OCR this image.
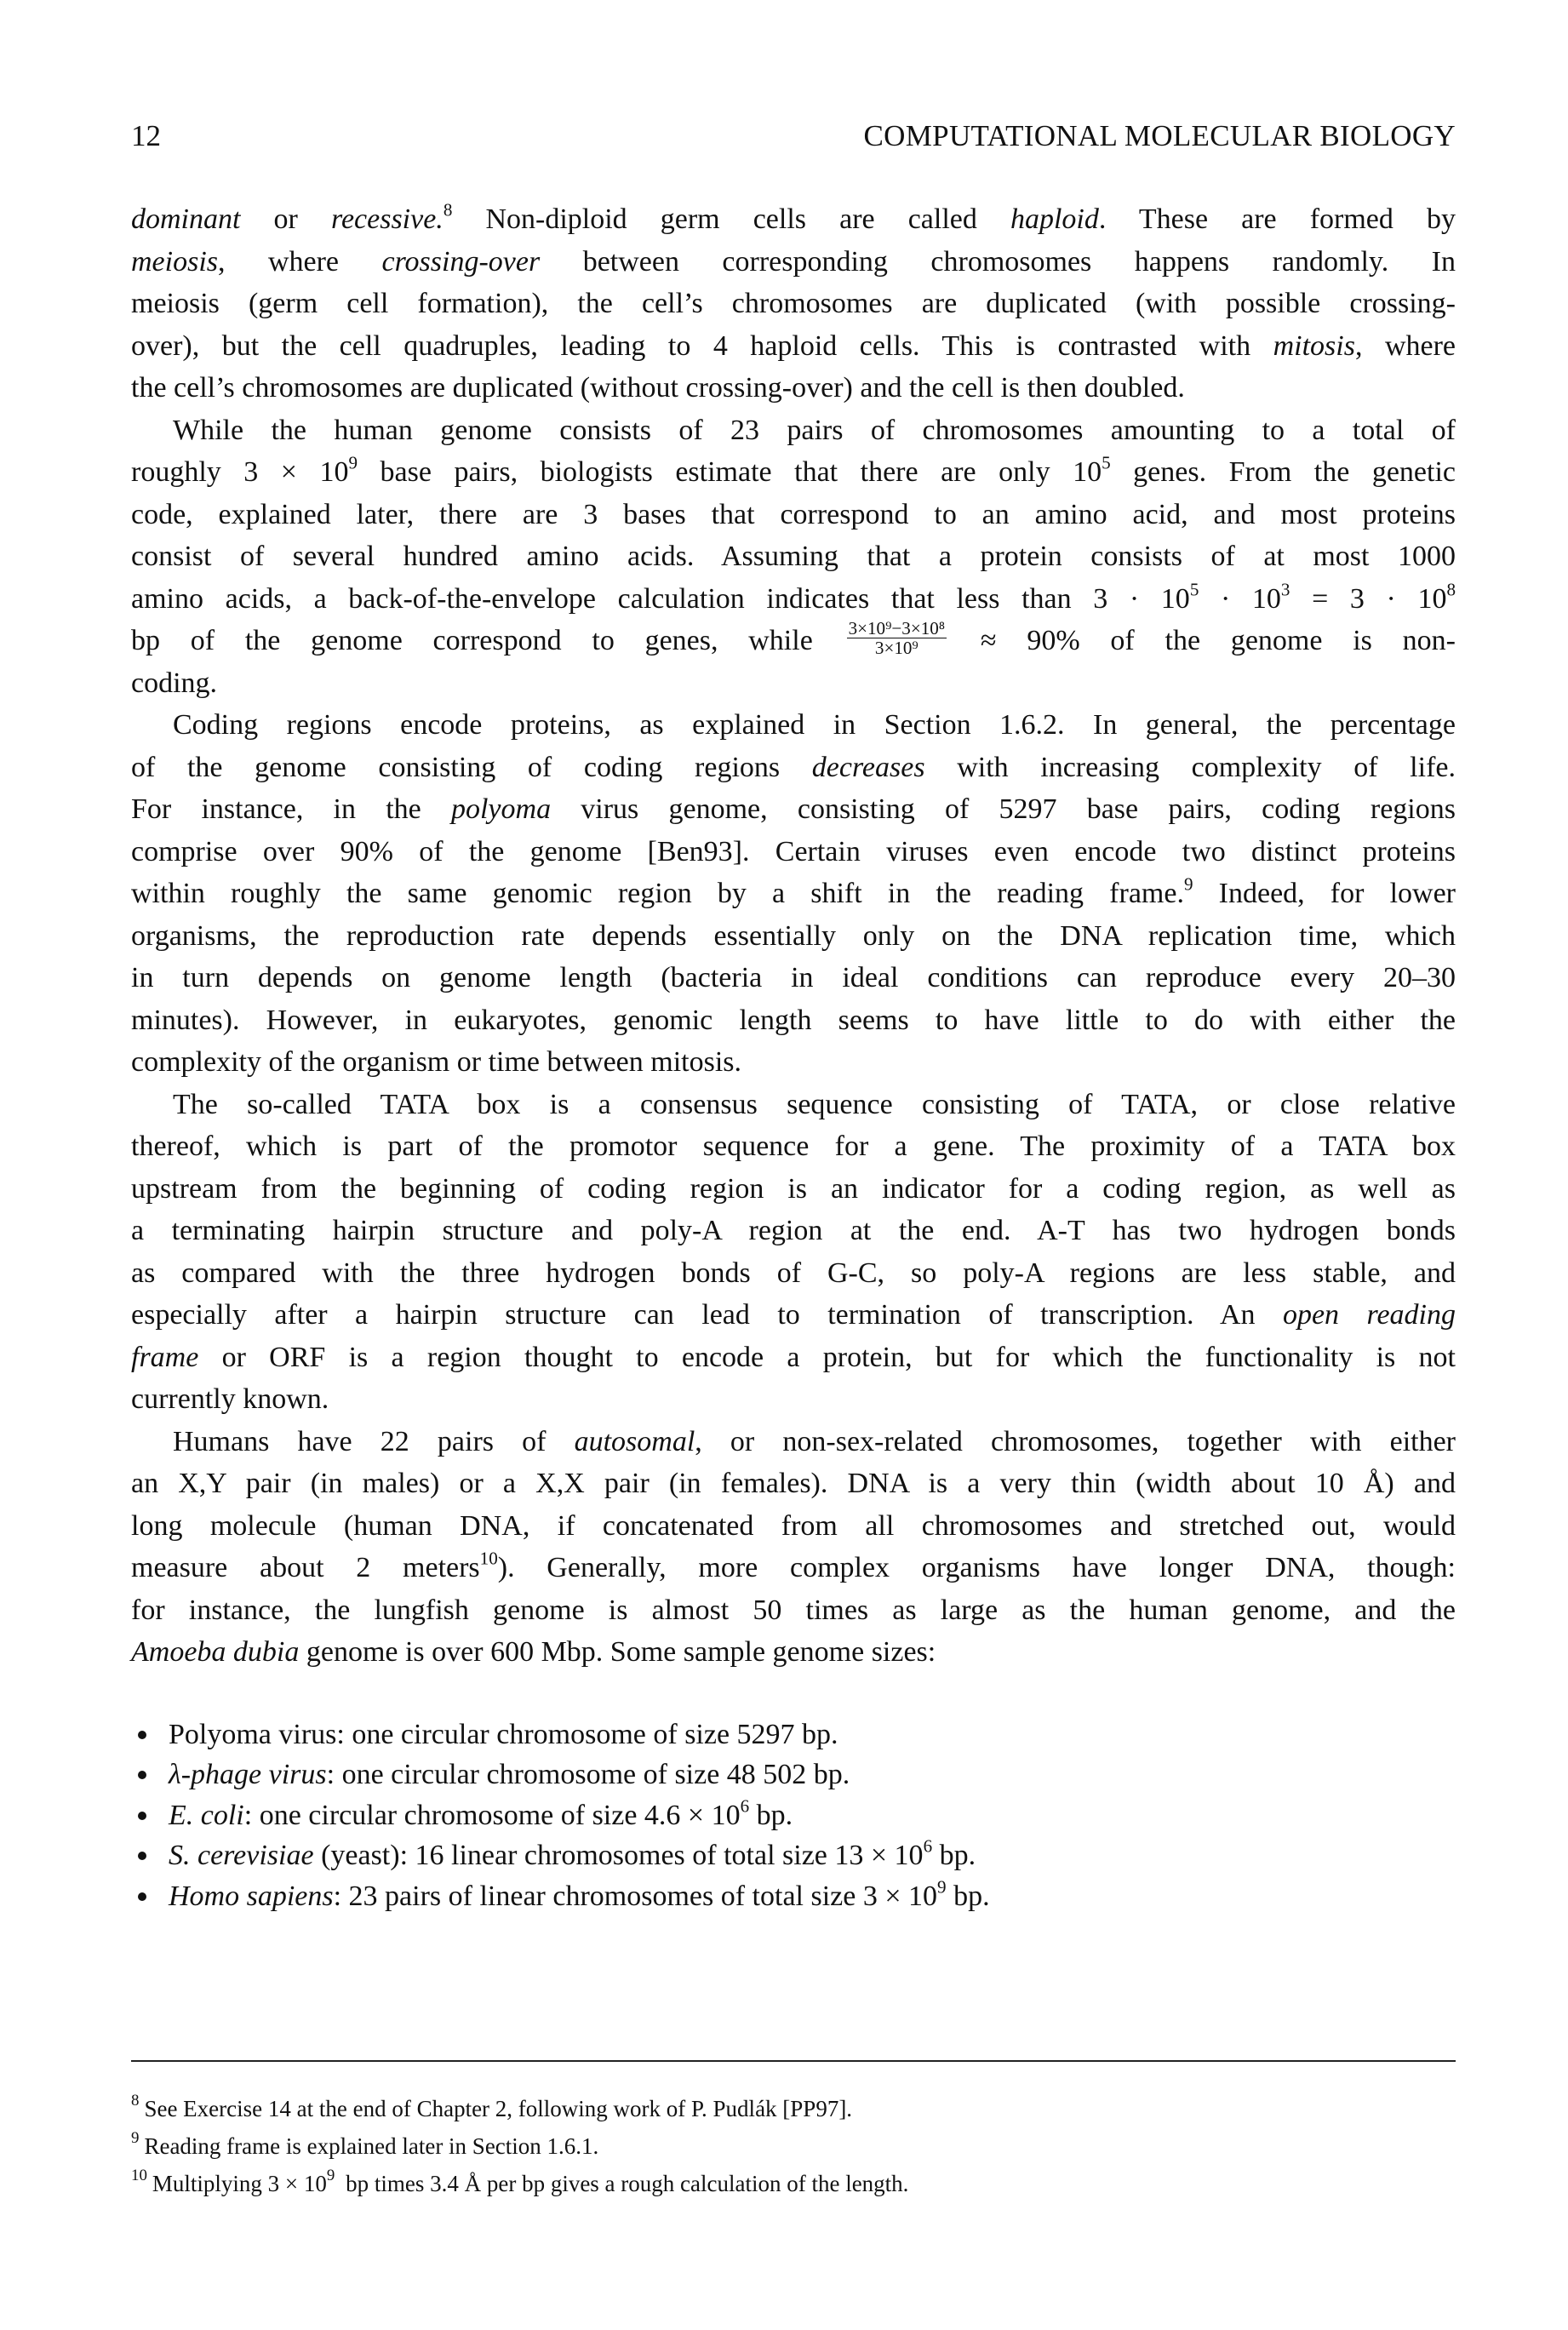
12	COMPUTATIONAL MOLECULAR BIOLOGY
dominant or recessive.$^8$ Non-diploid germ cells are called haploid. These are formed by
meiosis, where crossing-over between corresponding chromosomes happens randomly. In
meiosis (germ cell formation), the cell’s chromosomes are duplicated (with possible crossing-
over), but the cell quadruples, leading to 4 haploid cells. This is contrasted with mitosis, where
the cell’s chromosomes are duplicated (without crossing-over) and the cell is then doubled.
While the human genome consists of 23 pairs of chromosomes amounting to a total of
roughly $3 \times 10^9$ base pairs, biologists estimate that there are only $10^5$ genes. From the genetic
code, explained later, there are 3 bases that correspond to an amino acid, and most proteins
consist of several hundred amino acids. Assuming that a protein consists of at most 1000
amino acids, a back-of-the-envelope calculation indicates that less than $3 \cdot 10^5 \cdot 10^3 = 3 \cdot 10^8$
bp of the genome correspond to genes, while $\frac{\text{3×10⁹−3×10⁸}}{\text{3×10⁹}} \approx 90\%$ of the genome is non-
coding.
Coding regions encode proteins, as explained in Section 1.6.2. In general, the percentage
of the genome consisting of coding regions decreases with increasing complexity of life.
For instance, in the polyoma virus genome, consisting of 5297 base pairs, coding regions
comprise over 90% of the genome [Ben93]. Certain viruses even encode two distinct proteins
within roughly the same genomic region by a shift in the reading frame.$^9$ Indeed, for lower
organisms, the reproduction rate depends essentially only on the DNA replication time, which
in turn depends on genome length (bacteria in ideal conditions can reproduce every 20–30
minutes). However, in eukaryotes, genomic length seems to have little to do with either the
complexity of the organism or time between mitosis.
The so-called TATA box is a consensus sequence consisting of TATA, or close relative
thereof, which is part of the promotor sequence for a gene. The proximity of a TATA box
upstream from the beginning of coding region is an indicator for a coding region, as well as
a terminating hairpin structure and poly-A region at the end. A-T has two hydrogen bonds
as compared with the three hydrogen bonds of G-C, so poly-A regions are less stable, and
especially after a hairpin structure can lead to termination of transcription. An open reading
frame or ORF is a region thought to encode a protein, but for which the functionality is not
currently known.
Humans have 22 pairs of autosomal, or non-sex-related chromosomes, together with either
an X,Y pair (in males) or a X,X pair (in females). DNA is a very thin (width about 10 Å) and
long molecule (human DNA, if concatenated from all chromosomes and stretched out, would
measure about 2 meters$^{10}$). Generally, more complex organisms have longer DNA, though:
for instance, the lungfish genome is almost 50 times as large as the human genome, and the
Amoeba dubia genome is over 600 Mbp. Some sample genome sizes:
Polyoma virus: one circular chromosome of size 5297 bp.
λ-phage virus: one circular chromosome of size 48 502 bp.
E. coli: one circular chromosome of size $4.6 \times 10^6$ bp.
S. cerevisiae (yeast): 16 linear chromosomes of total size $13 \times 10^6$ bp.
Homo sapiens: 23 pairs of linear chromosomes of total size $3 \times 10^9$ bp.
$^8$ See Exercise 14 at the end of Chapter 2, following work of P. Pudlák [PP97].
$^9$ Reading frame is explained later in Section 1.6.1.
$^{10}$ Multiplying $3 \times 10^9$ bp times 3.4 Å per bp gives a rough calculation of the length.
